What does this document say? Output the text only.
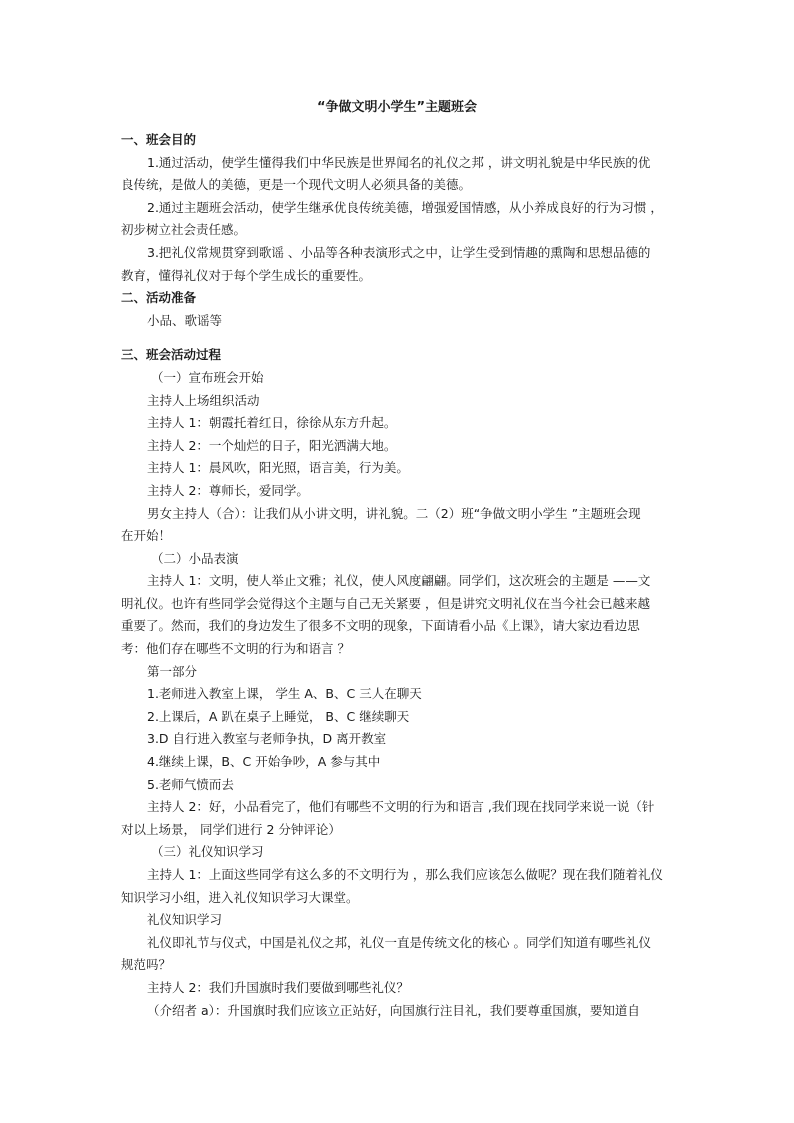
“争做文明小学生”主题班会

一、班会目的

1.通过活动，使学生懂得我们中华民族是世界闻名的礼仪之邦 ，讲文明礼貌是中华民族的优

良传统，是做人的美德，更是一个现代文明人必须具备的美德。

2.通过主题班会活动，使学生继承优良传统美德，增强爱国情感，从小养成良好的行为习惯 ，

初步树立社会责任感。

3.把礼仪常规贯穿到歌谣 、小品等各种表演形式之中，让学生受到情趣的熏陶和思想品德的

教育，懂得礼仪对于每个学生成长的重要性。

二、活动准备

小品、歌谣等

三、班会活动过程

（一）宣布班会开始

主持人上场组织活动

主持人 1：朝霞托着红日，徐徐从东方升起。

主持人 2：一个灿烂的日子，阳光洒满大地。

主持人 1：晨风吹，阳光照，语言美，行为美。

主持人 2：尊师长，爱同学。

男女主持人（合）：让我们从小讲文明，讲礼貌。二（2）班“争做文明小学生 ”主题班会现

在开始！

（二）小品表演

主持人 1：文明，使人举止文雅；礼仪，使人风度翩翩。同学们，这次班会的主题是 ——文

明礼仪。也许有些同学会觉得这个主题与自己无关紧要 ，但是讲究文明礼仪在当今社会已越来越

重要了。然而，我们的身边发生了很多不文明的现象，下面请看小品《上课》，请大家边看边思

考：他们存在哪些不文明的行为和语言 ？

第一部分

1.老师进入教室上课， 学生 A、B、C 三人在聊天

2.上课后，A 趴在桌子上睡觉， B、C 继续聊天

3.D 自行进入教室与老师争执，D 离开教室

4.继续上课，B、C 开始争吵，A 参与其中

5.老师气愤而去

主持人 2：好，小品看完了，他们有哪些不文明的行为和语言 ,我们现在找同学来说一说（针

对以上场景， 同学们进行 2 分钟评论）

（三）礼仪知识学习

主持人 1：上面这些同学有这么多的不文明行为 ，那么我们应该怎么做呢？现在我们随着礼仪

知识学习小组，进入礼仪知识学习大课堂。

礼仪知识学习

礼仪即礼节与仪式，中国是礼仪之邦，礼仪一直是传统文化的核心 。同学们知道有哪些礼仪

规范吗？

主持人 2：我们升国旗时我们要做到哪些礼仪？

（介绍者 a）：升国旗时我们应该立正站好，向国旗行注目礼，我们要尊重国旗，要知道自
